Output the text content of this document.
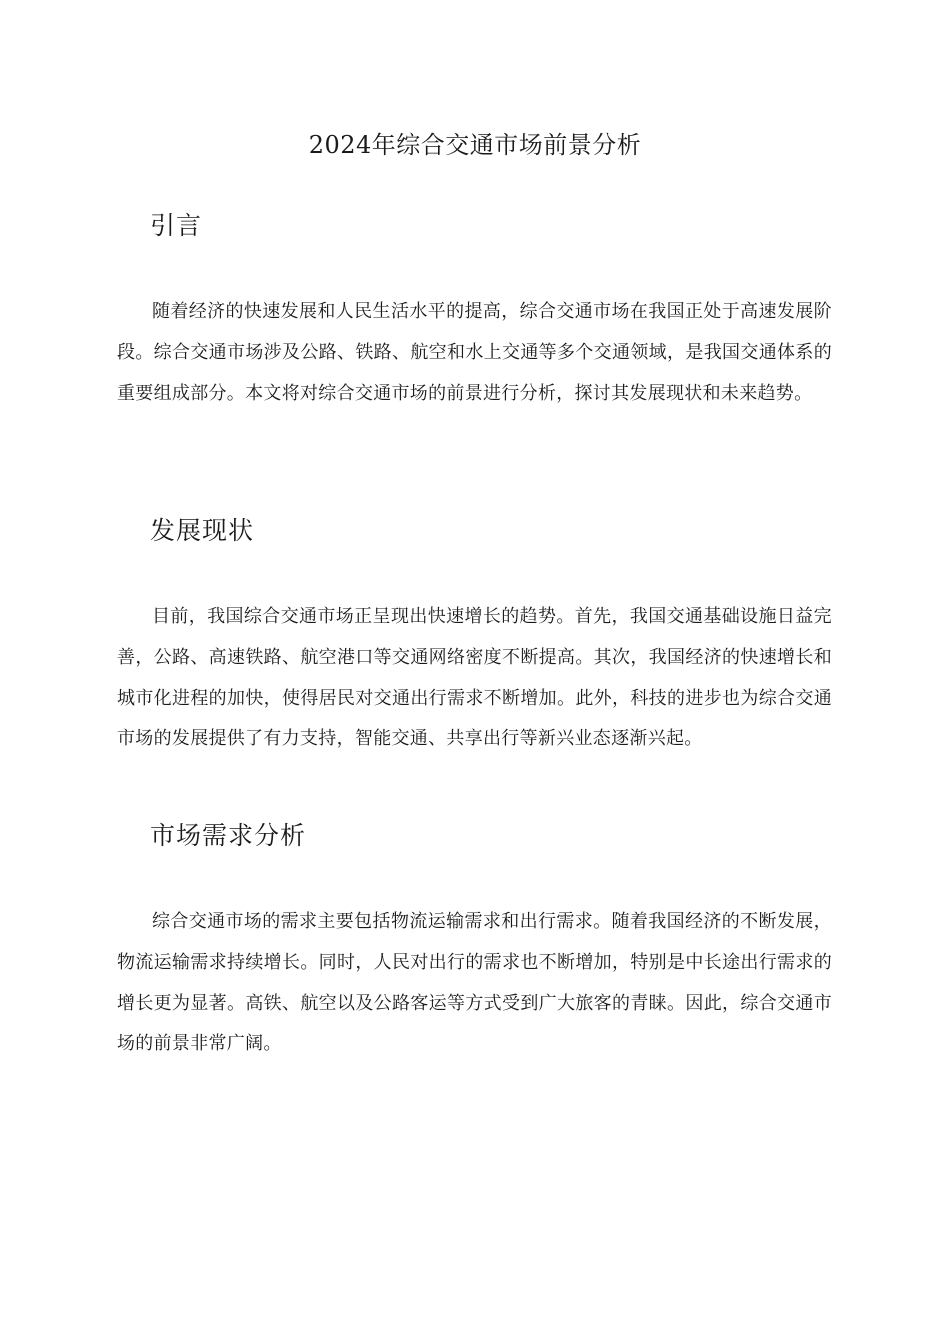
2024年综合交通市场前景分析
引言

随着经济的快速发展和人民生活水平的提高，综合交通市场在我国正处于高速发展阶段。综合交通市场涉及公路、铁路、航空和水上交通等多个交通领域，是我国交通体系的重要组成部分。本文将对综合交通市场的前景进行分析，探讨其发展现状和未来趋势。

发展现状

目前，我国综合交通市场正呈现出快速增长的趋势。首先，我国交通基础设施日益完善，公路、高速铁路、航空港口等交通网络密度不断提高。其次，我国经济的快速增长和城市化进程的加快，使得居民对交通出行需求不断增加。此外，科技的进步也为综合交通市场的发展提供了有力支持，智能交通、共享出行等新兴业态逐渐兴起。

市场需求分析

综合交通市场的需求主要包括物流运输需求和出行需求。随着我国经济的不断发展，物流运输需求持续增长。同时，人民对出行的需求也不断增加，特别是中长途出行需求的增长更为显著。高铁、航空以及公路客运等方式受到广大旅客的青睐。因此，综合交通市场的前景非常广阔。
